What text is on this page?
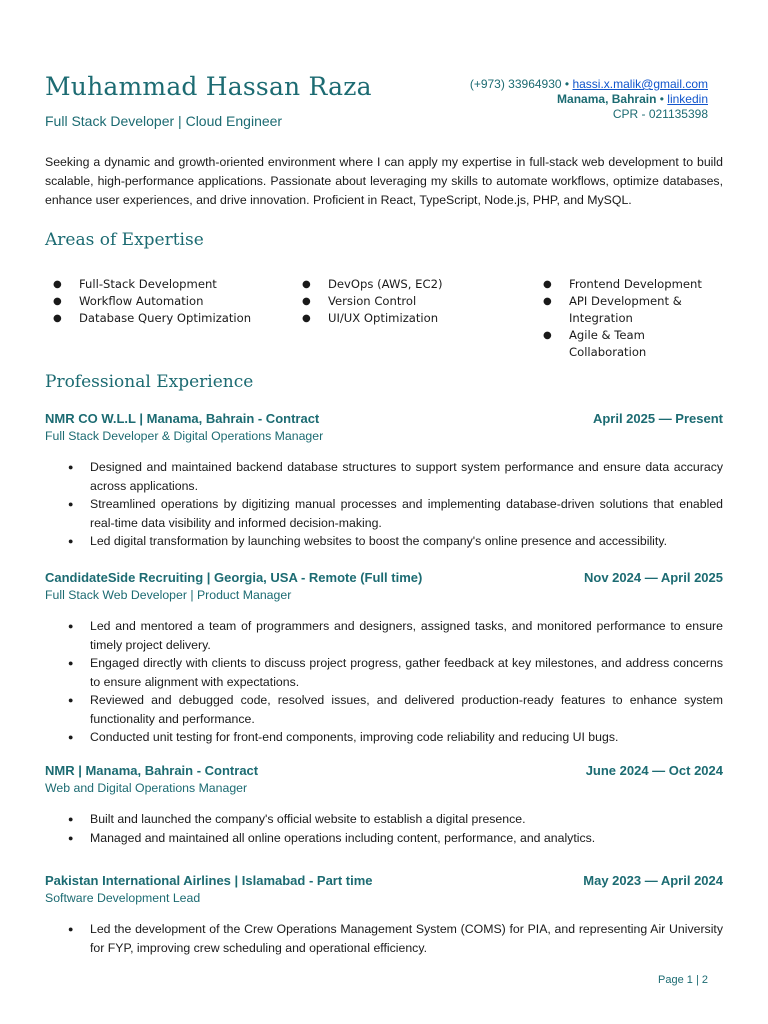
Muhammad Hassan Raza
Full Stack Developer | Cloud Engineer
(+973) 33964930 • hassi.x.malik@gmail.com
Manama, Bahrain • linkedin
CPR - 021135398
Seeking a dynamic and growth-oriented environment where I can apply my expertise in full-stack web development to build scalable, high-performance applications. Passionate about leveraging my skills to automate workflows, optimize databases, enhance user experiences, and drive innovation. Proficient in React, TypeScript, Node.js, PHP, and MySQL.
Areas of Expertise
● Full-Stack Development
● Workflow Automation
● Database Query Optimization
● DevOps (AWS, EC2)
● Version Control
● UI/UX Optimization
● Frontend Development
● API Development & Integration
● Agile & Team Collaboration
Professional Experience
NMR CO W.L.L | Manama, Bahrain - Contract	April 2025 — Present
Full Stack Developer & Digital Operations Manager
● Designed and maintained backend database structures to support system performance and ensure data accuracy across applications.
● Streamlined operations by digitizing manual processes and implementing database-driven solutions that enabled real-time data visibility and informed decision-making.
● Led digital transformation by launching websites to boost the company's online presence and accessibility.
CandidateSide Recruiting | Georgia, USA - Remote (Full time)	Nov 2024 — April 2025
Full Stack Web Developer | Product Manager
● Led and mentored a team of programmers and designers, assigned tasks, and monitored performance to ensure timely project delivery.
● Engaged directly with clients to discuss project progress, gather feedback at key milestones, and address concerns to ensure alignment with expectations.
● Reviewed and debugged code, resolved issues, and delivered production-ready features to enhance system functionality and performance.
● Conducted unit testing for front-end components, improving code reliability and reducing UI bugs.
NMR | Manama, Bahrain - Contract	June 2024 — Oct 2024
Web and Digital Operations Manager
● Built and launched the company's official website to establish a digital presence.
● Managed and maintained all online operations including content, performance, and analytics.
Pakistan International Airlines | Islamabad - Part time	May 2023 — April 2024
Software Development Lead
● Led the development of the Crew Operations Management System (COMS) for PIA, and representing Air University for FYP, improving crew scheduling and operational efficiency.
Page 1 | 2
